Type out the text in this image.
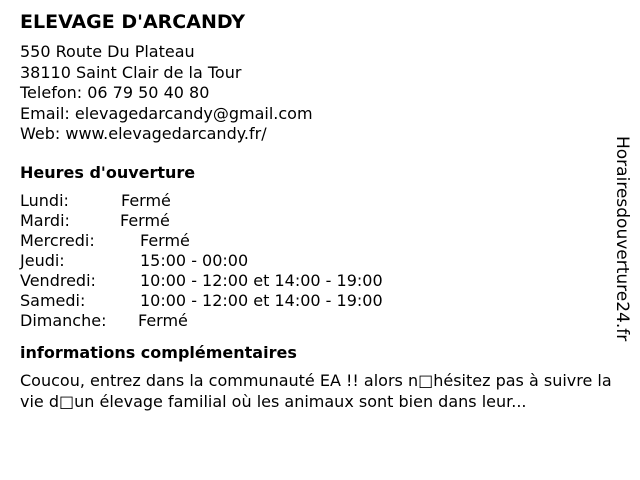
ELEVAGE D'ARCANDY
550 Route Du Plateau
38110 Saint Clair de la Tour
Telefon: 06 79 50 40 80
Email: elevagedarcandy@gmail.com
Web: www.elevagedarcandy.fr/
Heures d'ouverture
Lundi:	Fermé
Mardi:	Fermé
Mercredi:	Fermé
Jeudi:	15:00 - 00:00
Vendredi:	10:00 - 12:00 et 14:00 - 19:00
Samedi:	10:00 - 12:00 et 14:00 - 19:00
Dimanche:	Fermé
informations complémentaires
Coucou, entrez dans la communauté EA !! alors n□hésitez pas à suivre la vie d□un élevage familial où les animaux sont bien dans leur...
Horairesdouverture24.fr
